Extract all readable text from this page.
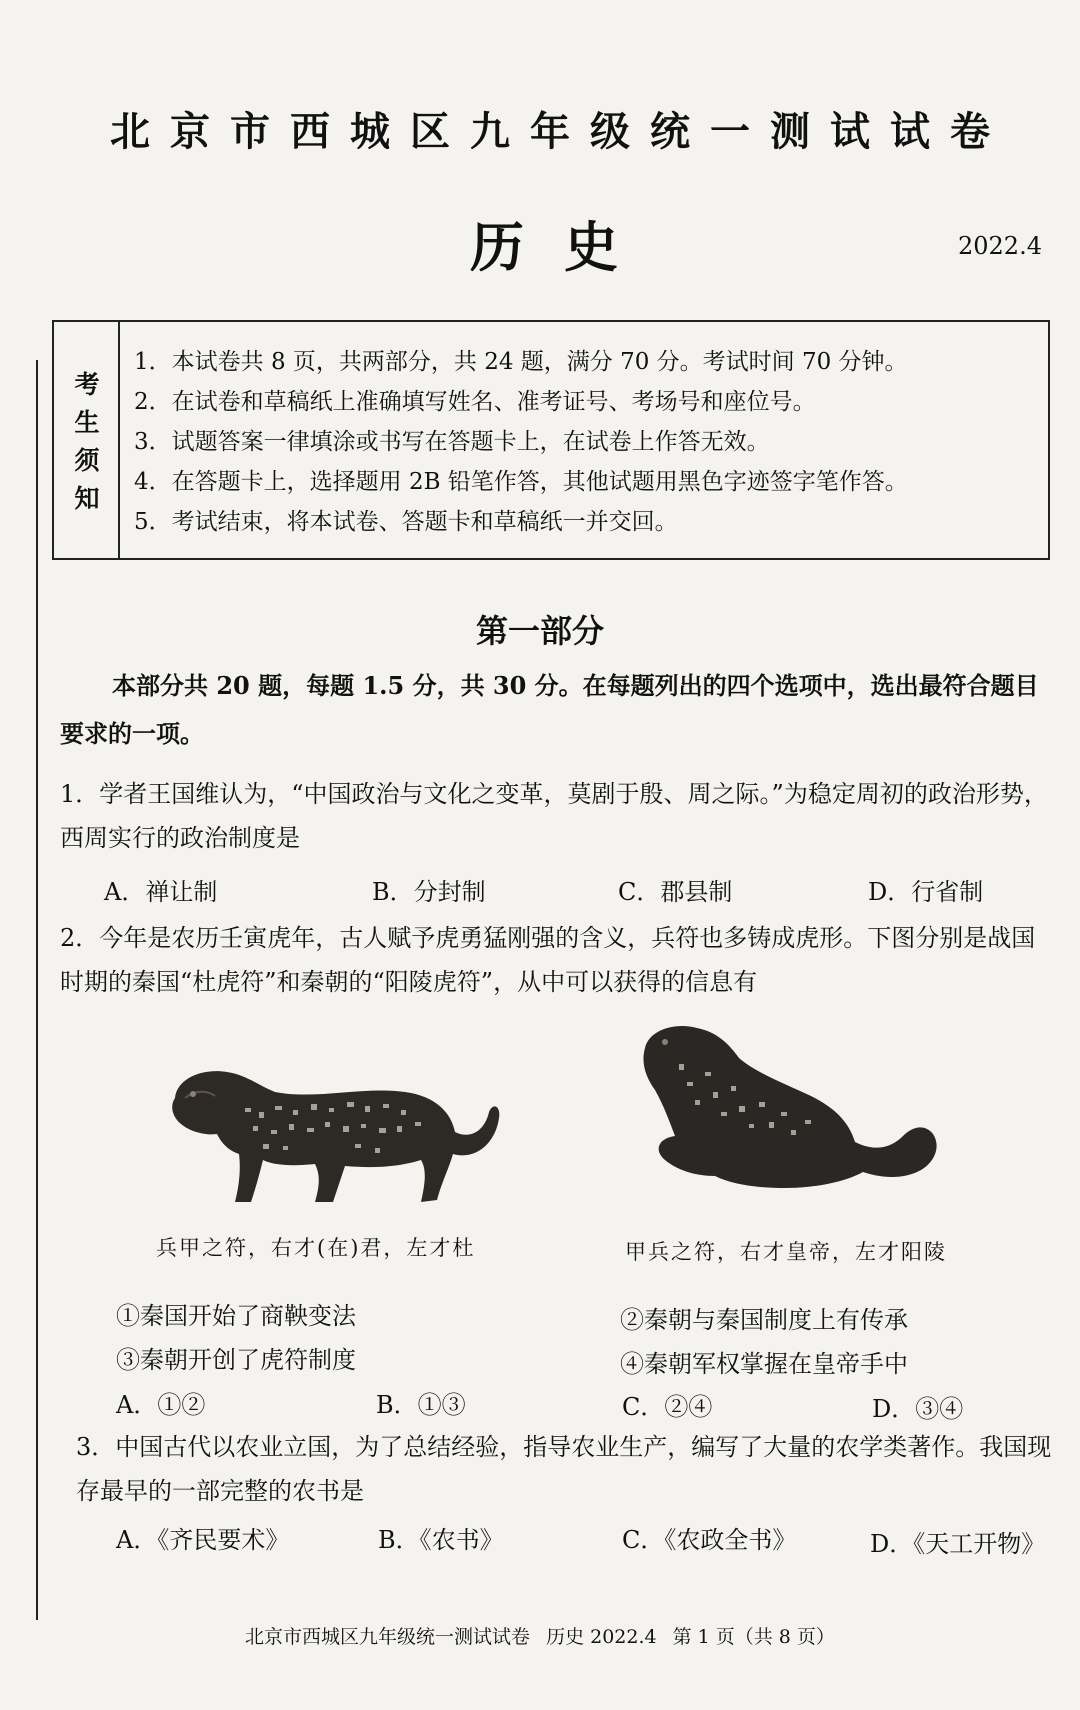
北京市西城区九年级统一测试试卷
历史	2022.4
考生须知
1．本试卷共 8 页，共两部分，共 24 题，满分 70 分。考试时间 70 分钟。
2．在试卷和草稿纸上准确填写姓名、准考证号、考场号和座位号。
3．试题答案一律填涂或书写在答题卡上，在试卷上作答无效。
4．在答题卡上，选择题用 2B 铅笔作答，其他试题用黑色字迹签字笔作答。
5．考试结束，将本试卷、答题卡和草稿纸一并交回。
第一部分
本部分共 20 题，每题 1.5 分，共 30 分。在每题列出的四个选项中，选出最符合题目要求的一项。
1．学者王国维认为，“中国政治与文化之变革，莫剧于殷、周之际。”为稳定周初的政治形势，西周实行的政治制度是
A．禅让制	B．分封制	C．郡县制	D．行省制
2．今年是农历壬寅虎年，古人赋予虎勇猛刚强的含义，兵符也多铸成虎形。下图分别是战国时期的秦国“杜虎符”和秦朝的“阳陵虎符”，从中可以获得的信息有
兵甲之符，右才(在)君，左才杜	甲兵之符，右才皇帝，左才阳陵
①秦国开始了商鞅变法	②秦朝与秦国制度上有传承
③秦朝开创了虎符制度	④秦朝军权掌握在皇帝手中
A．①②	B．①③	C．②④	D．③④
3．中国古代以农业立国，为了总结经验，指导农业生产，编写了大量的农学类著作。我国现存最早的一部完整的农书是
A．《齐民要术》	B．《农书》	C．《农政全书》	D．《天工开物》
北京市西城区九年级统一测试试卷 历史 2022.4 第 1 页（共 8 页）
